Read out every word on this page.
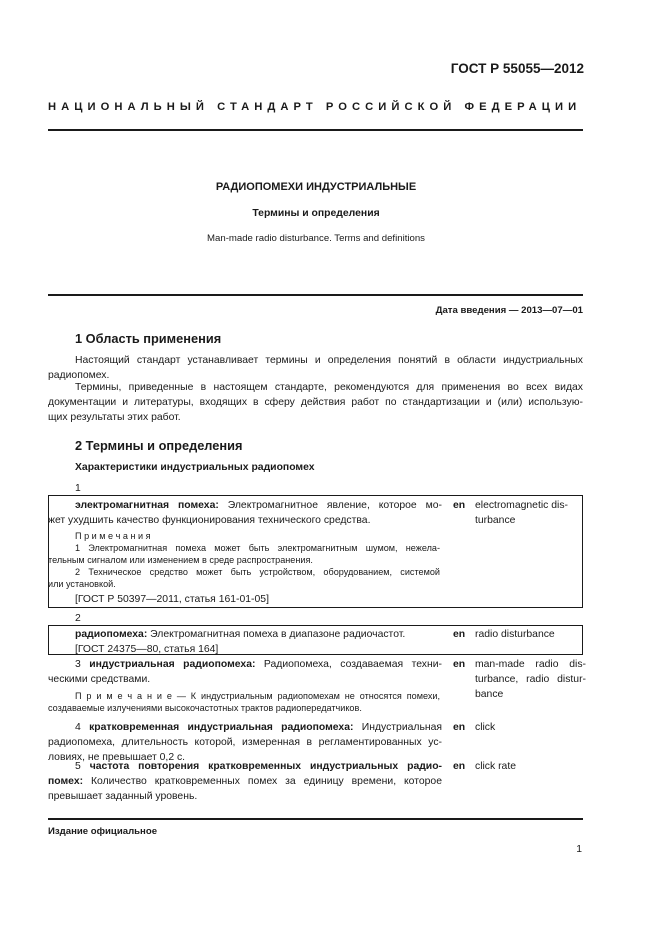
ГОСТ Р 55055—2012
НАЦИОНАЛЬНЫЙ СТАНДАРТ РОССИЙСКОЙ ФЕДЕРАЦИИ
РАДИОПОМЕХИ ИНДУСТРИАЛЬНЫЕ
Термины и определения
Man-made radio disturbance. Terms and definitions
Дата введения — 2013—07—01
1 Область применения

Настоящий стандарт устанавливает термины и определения понятий в области индустриальных

радиопомех.

Термины, приведенные в настоящем стандарте, рекомендуются для применения во всех видах

документации и литературы, входящих в сферу действия работ по стандартизации и (или) использую-

щих результаты этих работ.

2 Термины и определения
Характеристики индустриальных радиопомех
1

электромагнитная помеха: Электромагнитное явление, которое мо-

жет ухудшить качество функционирования технического средства.

en electromagnetic dis-

turbance

П р и м е ч а н и я

1 Электромагнитная помеха может быть электромагнитным шумом, нежела-

тельным сигналом или изменением в среде распространения.

2 Техническое средство может быть устройством, оборудованием, системой

или установкой.

[ГОСТ Р 50397—2011, статья 161-01-05]
2

радиопомеха: Электромагнитная помеха в диапазоне радиочастот.

[ГОСТ 24375—80, статья 164]

en radio disturbance

3 индустриальная радиопомеха: Радиопомеха, создаваемая техни-

ческими средствами.

en man-made radio dis-

turbance, radio distur-

bance

П р и м е ч а н и е — К индустриальным радиопомехам не относятся помехи,

создаваемые излучениями высокочастотных трактов радиопередатчиков.

4 кратковременная индустриальная радиопомеха: Индустриальная

радиопомеха, длительность которой, измеренная в регламентированных ус-

ловиях, не превышает 0,2 с.

en click

5 частота повторения кратковременных индустриальных радио-

помех: Количество кратковременных помех за единицу времени, которое

превышает заданный уровень.

en click rate
Издание официальное
1
